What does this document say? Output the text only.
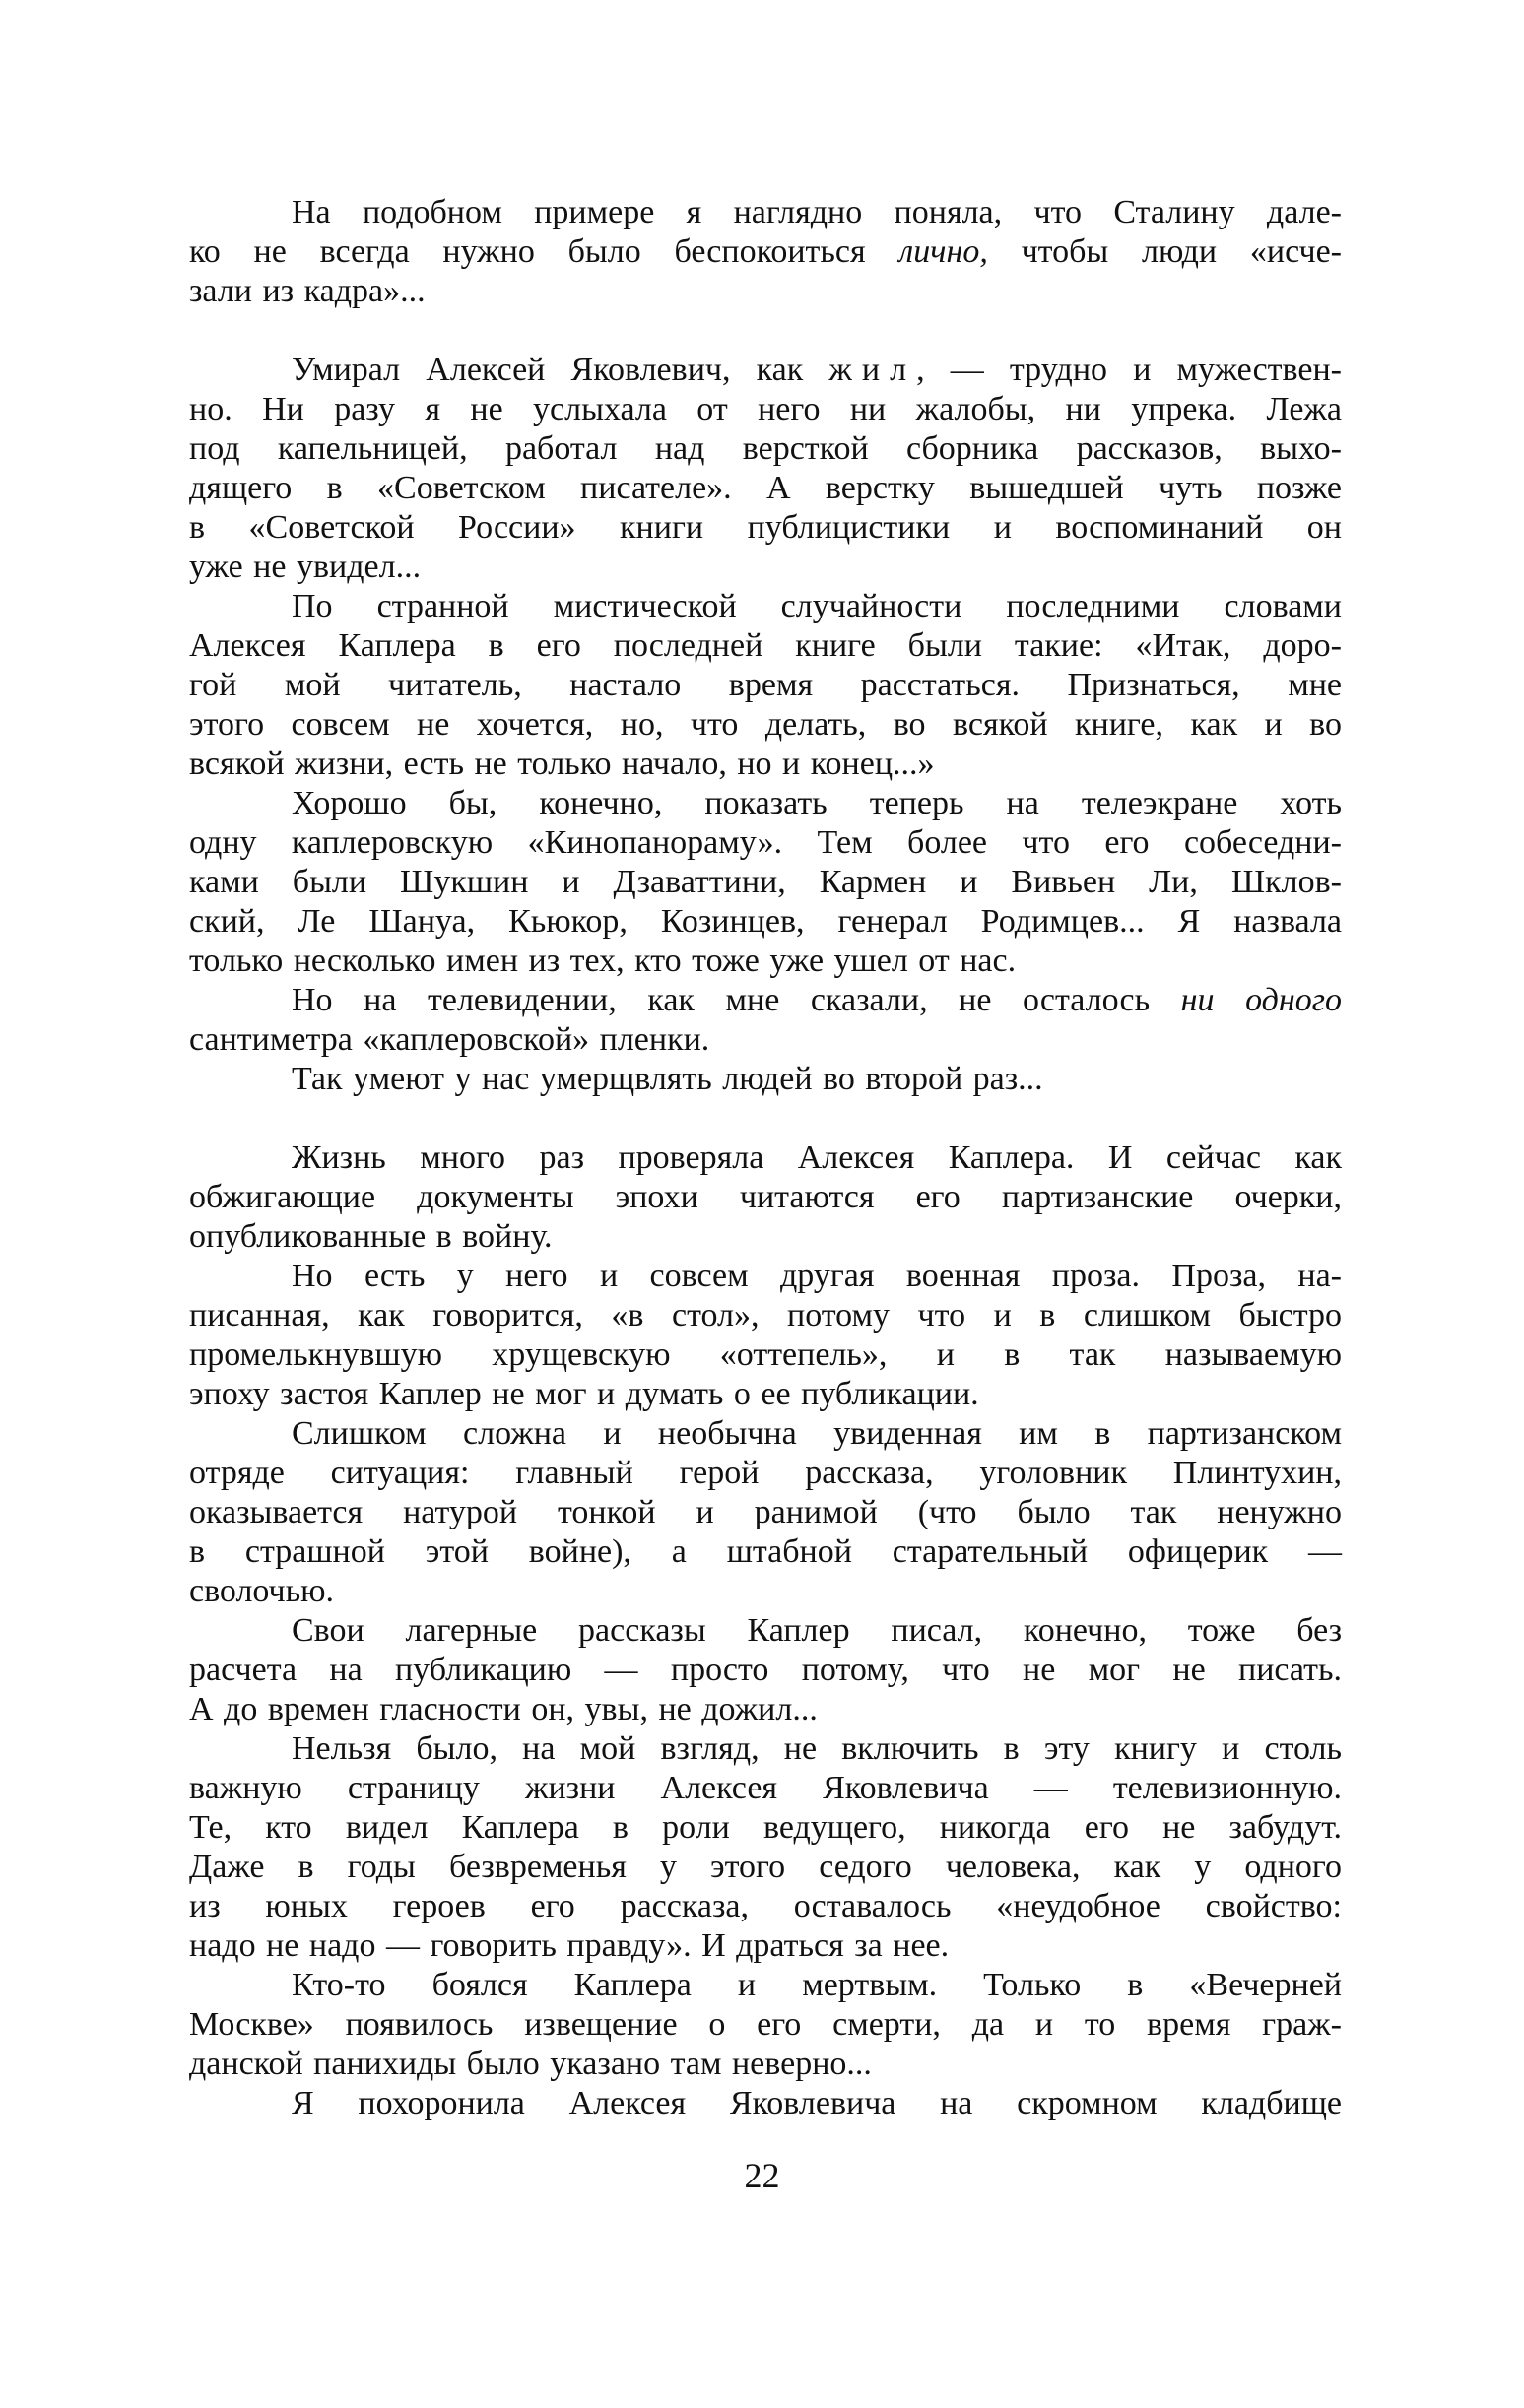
На подобном примере я наглядно поняла, что Сталину дале-
ко не всегда нужно было беспокоиться лично, чтобы люди «исче-
зали из кадра»...
Умирал Алексей Яковлевич, как жил, — трудно и мужествен-
но. Ни разу я не услыхала от него ни жалобы, ни упрека. Лежа
под капельницей, работал над версткой сборника рассказов, выхо-
дящего в «Советском писателе». А верстку вышедшей чуть позже
в «Советской России» книги публицистики и воспоминаний он
уже не увидел...
По странной мистической случайности последними словами
Алексея Каплера в его последней книге были такие: «Итак, доро-
гой мой читатель, настало время расстаться. Признаться, мне
этого совсем не хочется, но, что делать, во всякой книге, как и во
всякой жизни, есть не только начало, но и конец...»
Хорошо бы, конечно, показать теперь на телеэкране хоть
одну каплеровскую «Кинопанораму». Тем более что его собеседни-
ками были Шукшин и Дзаваттини, Кармен и Вивьен Ли, Шклов-
ский, Ле Шануа, Кьюкор, Козинцев, генерал Родимцев... Я назвала
только несколько имен из тех, кто тоже уже ушел от нас.
Но на телевидении, как мне сказали, не осталось ни одного
сантиметра «каплеровской» пленки.
Так умеют у нас умерщвлять людей во второй раз...
Жизнь много раз проверяла Алексея Каплера. И сейчас как
обжигающие документы эпохи читаются его партизанские очерки,
опубликованные в войну.
Но есть у него и совсем другая военная проза. Проза, на-
писанная, как говорится, «в стол», потому что и в слишком быстро
промелькнувшую хрущевскую «оттепель», и в так называемую
эпоху застоя Каплер не мог и думать о ее публикации.
Слишком сложна и необычна увиденная им в партизанском
отряде ситуация: главный герой рассказа, уголовник Плинтухин,
оказывается натурой тонкой и ранимой (что было так ненужно
в страшной этой войне), а штабной старательный офицерик —
сволочью.
Свои лагерные рассказы Каплер писал, конечно, тоже без
расчета на публикацию — просто потому, что не мог не писать.
А до времен гласности он, увы, не дожил...
Нельзя было, на мой взгляд, не включить в эту книгу и столь
важную страницу жизни Алексея Яковлевича — телевизионную.
Те, кто видел Каплера в роли ведущего, никогда его не забудут.
Даже в годы безвременья у этого седого человека, как у одного
из юных героев его рассказа, оставалось «неудобное свойство:
надо не надо — говорить правду». И драться за нее.
Кто-то боялся Каплера и мертвым. Только в «Вечерней
Москве» появилось извещение о его смерти, да и то время граж-
данской панихиды было указано там неверно...
Я похоронила Алексея Яковлевича на скромном кладбище
22
